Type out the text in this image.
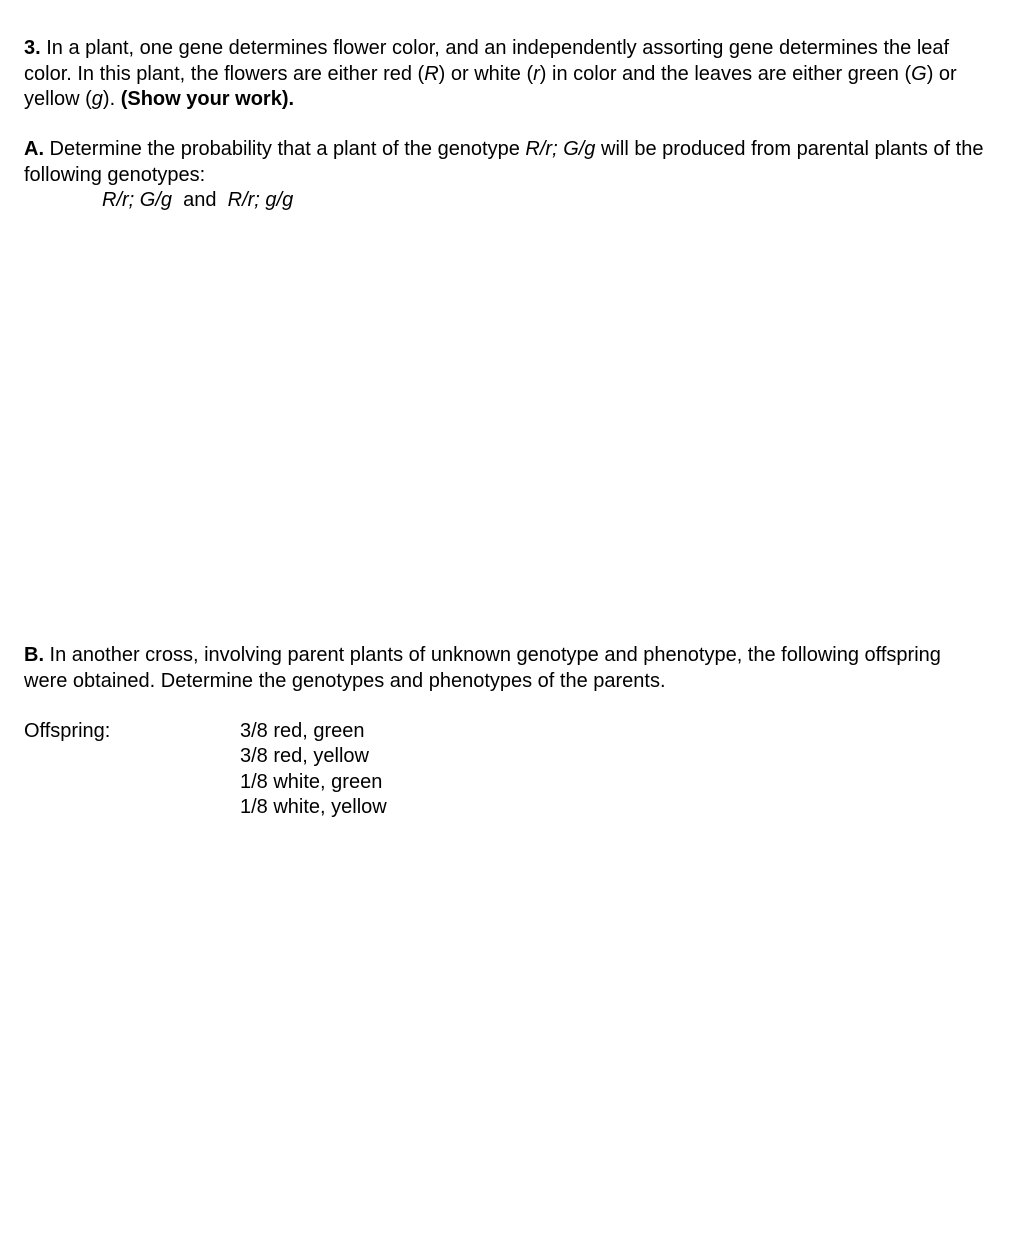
3. In a plant, one gene determines flower color, and an independently assorting gene determines the leaf color. In this plant, the flowers are either red (R) or white (r) in color and the leaves are either green (G) or yellow (g). (Show your work).

A. Determine the probability that a plant of the genotype R/r; G/g will be produced from parental plants of the following genotypes:

R/r; G/g and R/r; g/g

B. In another cross, involving parent plants of unknown genotype and phenotype, the following offspring were obtained. Determine the genotypes and phenotypes of the parents.

Offspring:	3/8 red, green
3/8 red, yellow
1/8 white, green
1/8 white, yellow
